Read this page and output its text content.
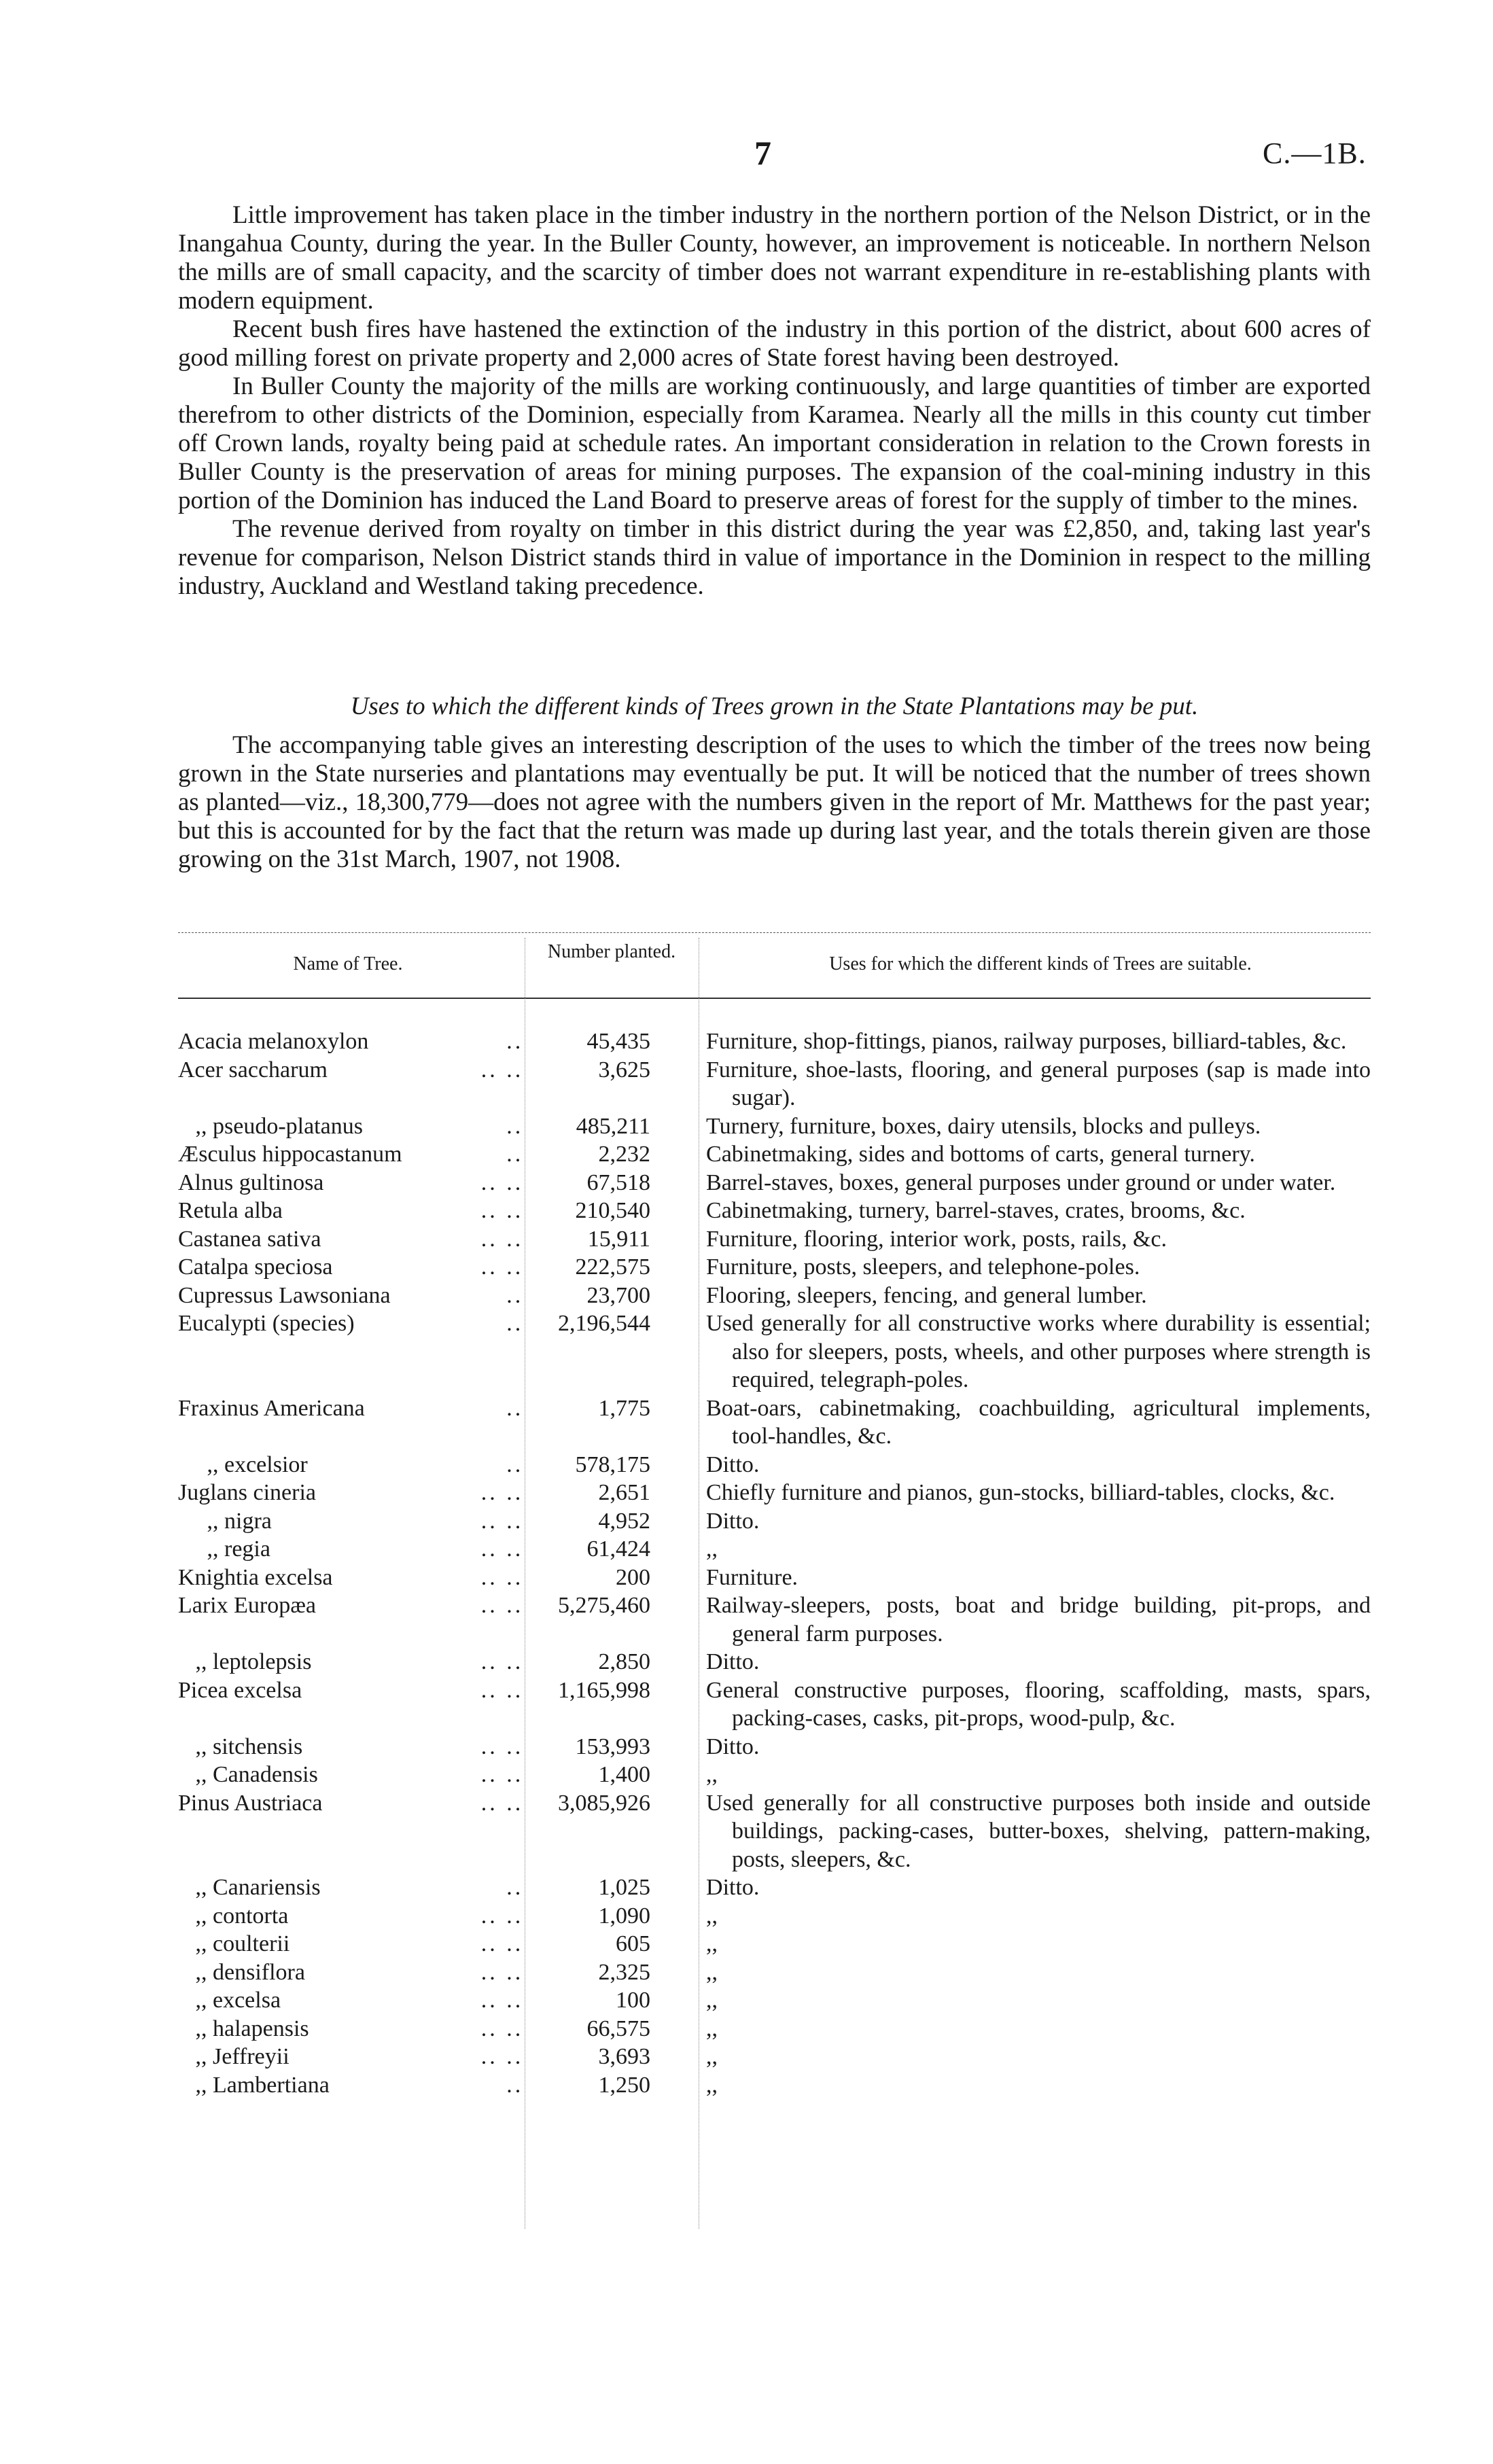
7	C.—1B.

Little improvement has taken place in the timber industry in the northern portion of the Nelson District, or in the Inangahua County, during the year. In the Buller County, however, an improvement is noticeable. In northern Nelson the mills are of small capacity, and the scarcity of timber does not warrant expenditure in re-establishing plants with modern equipment.

Recent bush fires have hastened the extinction of the industry in this portion of the district, about 600 acres of good milling forest on private property and 2,000 acres of State forest having been destroyed.

In Buller County the majority of the mills are working continuously, and large quantities of timber are exported therefrom to other districts of the Dominion, especially from Karamea. Nearly all the mills in this county cut timber off Crown lands, royalty being paid at schedule rates. An important consideration in relation to the Crown forests in Buller County is the preservation of areas for mining purposes. The expansion of the coal-mining industry in this portion of the Dominion has induced the Land Board to preserve areas of forest for the supply of timber to the mines.

The revenue derived from royalty on timber in this district during the year was £2,850, and, taking last year's revenue for comparison, Nelson District stands third in value of importance in the Dominion in respect to the milling industry, Auckland and Westland taking precedence.

Uses to which the different kinds of Trees grown in the State Plantations may be put.

The accompanying table gives an interesting description of the uses to which the timber of the trees now being grown in the State nurseries and plantations may eventually be put. It will be noticed that the number of trees shown as planted—viz., 18,300,779—does not agree with the numbers given in the report of Mr. Matthews for the past year; but this is accounted for by the fact that the return was made up during last year, and the totals therein given are those growing on the 31st March, 1907, not 1908.

Name of Tree.
Number planted.
Uses for which the different kinds of Trees are suitable.
Acacia melanoxylon	..	45,435	Furniture, shop-fittings, pianos, railway purposes, billiard-tables, &c.
Acer saccharum	.. ..	3,625	Furniture, shoe-lasts, flooring, and general purposes (sap is made into sugar).
,, pseudo-platanus	..	485,211	Turnery, furniture, boxes, dairy utensils, blocks and pulleys.
Æsculus hippocastanum	..	2,232	Cabinetmaking, sides and bottoms of carts, general turnery.
Alnus gultinosa	.. ..	67,518	Barrel-staves, boxes, general purposes under ground or under water.
Retula alba	.. ..	210,540	Cabinetmaking, turnery, barrel-staves, crates, brooms, &c.
Castanea sativa	.. ..	15,911	Furniture, flooring, interior work, posts, rails, &c.
Catalpa speciosa	.. ..	222,575	Furniture, posts, sleepers, and telephone-poles.
Cupressus Lawsoniana	..	23,700	Flooring, sleepers, fencing, and general lumber.
Eucalypti (species)	..	2,196,544	Used generally for all constructive works where durability is essential; also for sleepers, posts, wheels, and other purposes where strength is required, telegraph-poles.
Fraxinus Americana	..	1,775	Boat-oars, cabinetmaking, coachbuilding, agricultural implements, tool-handles, &c.
,, excelsior	..	578,175	Ditto.
Juglans cineria	.. ..	2,651	Chiefly furniture and pianos, gun-stocks, billiard-tables, clocks, &c.
,, nigra	.. ..	4,952	Ditto.
,, regia	.. ..	61,424	,,
Knightia excelsa	.. ..	200	Furniture.
Larix Europæa	.. ..	5,275,460	Railway-sleepers, posts, boat and bridge building, pit-props, and general farm purposes.
,, leptolepsis	.. ..	2,850	Ditto.
Picea excelsa	.. ..	1,165,998	General constructive purposes, flooring, scaffolding, masts, spars, packing-cases, casks, pit-props, wood-pulp, &c.
,, sitchensis	.. ..	153,993	Ditto.
,, Canadensis	.. ..	1,400	,,
Pinus Austriaca	.. ..	3,085,926	Used generally for all constructive purposes both inside and outside buildings, packing-cases, butter-boxes, shelving, pattern-making, posts, sleepers, &c.
,, Canariensis	..	1,025	Ditto.
,, contorta	.. ..	1,090	,,
,, coulterii	.. ..	605	,,
,, densiflora	.. ..	2,325	,,
,, excelsa	.. ..	100	,,
,, halapensis	.. ..	66,575	,,
,, Jeffreyii	.. ..	3,693	,,
,, Lambertiana	..	1,250	,,
